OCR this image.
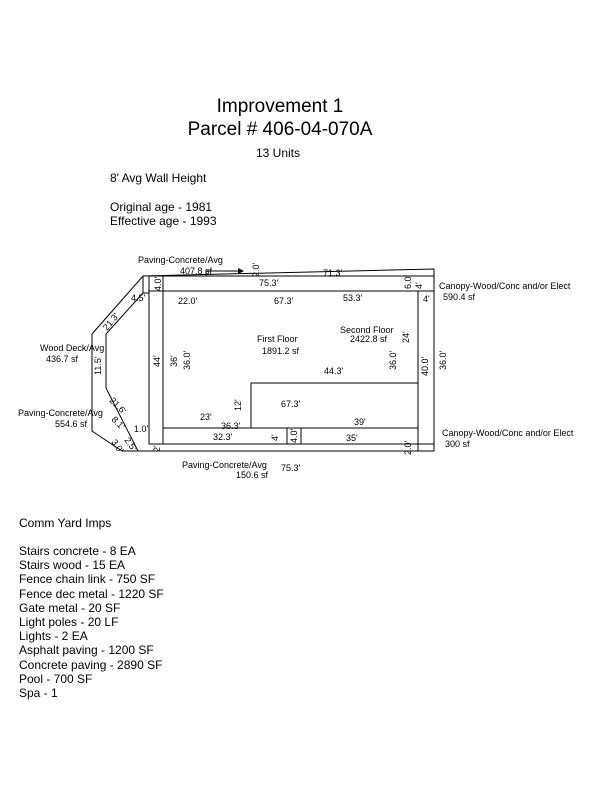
Improvement 1
Parcel # 406-04-070A
13 Units
8' Avg Wall Height
Original age - 1981
Effective age - 1993
Paving-Concrete/Avg
407.8 sf
Canopy-Wood/Conc and/or Elect
590.4 sf
Wood Deck/Avg
436.7 sf
Paving-Concrete/Avg
554.6 sf
Canopy-Wood/Conc and/or Elect
300 sf
Paving-Concrete/Avg
150.6 sf
First Floor
1891.2 sf
Second Floor
2422.8 sf
71.3'
75.3'
4.5'	22.0'	67.3'	53.3'	4'
44.3'
67.3'
23'	39'
1.0'	36.3'
32.3'	35'
75.3'
2.0'
6.0' 4'
4.0'
21.3'
44' 36' 36.0'
11.5'	36.0'
24'
40.0' 36.0'
21.6'
8.1'
12'
4' 4.0'
2.5'
3.0'	2'	2.0'
Comm Yard Imps
Stairs concrete - 8 EA
Stairs wood - 15 EA
Fence chain link - 750 SF
Fence dec metal - 1220 SF
Gate metal - 20 SF
Light poles - 20 LF
Lights - 2 EA
Asphalt paving - 1200 SF
Concrete paving - 2890 SF
Pool - 700 SF
Spa - 1
